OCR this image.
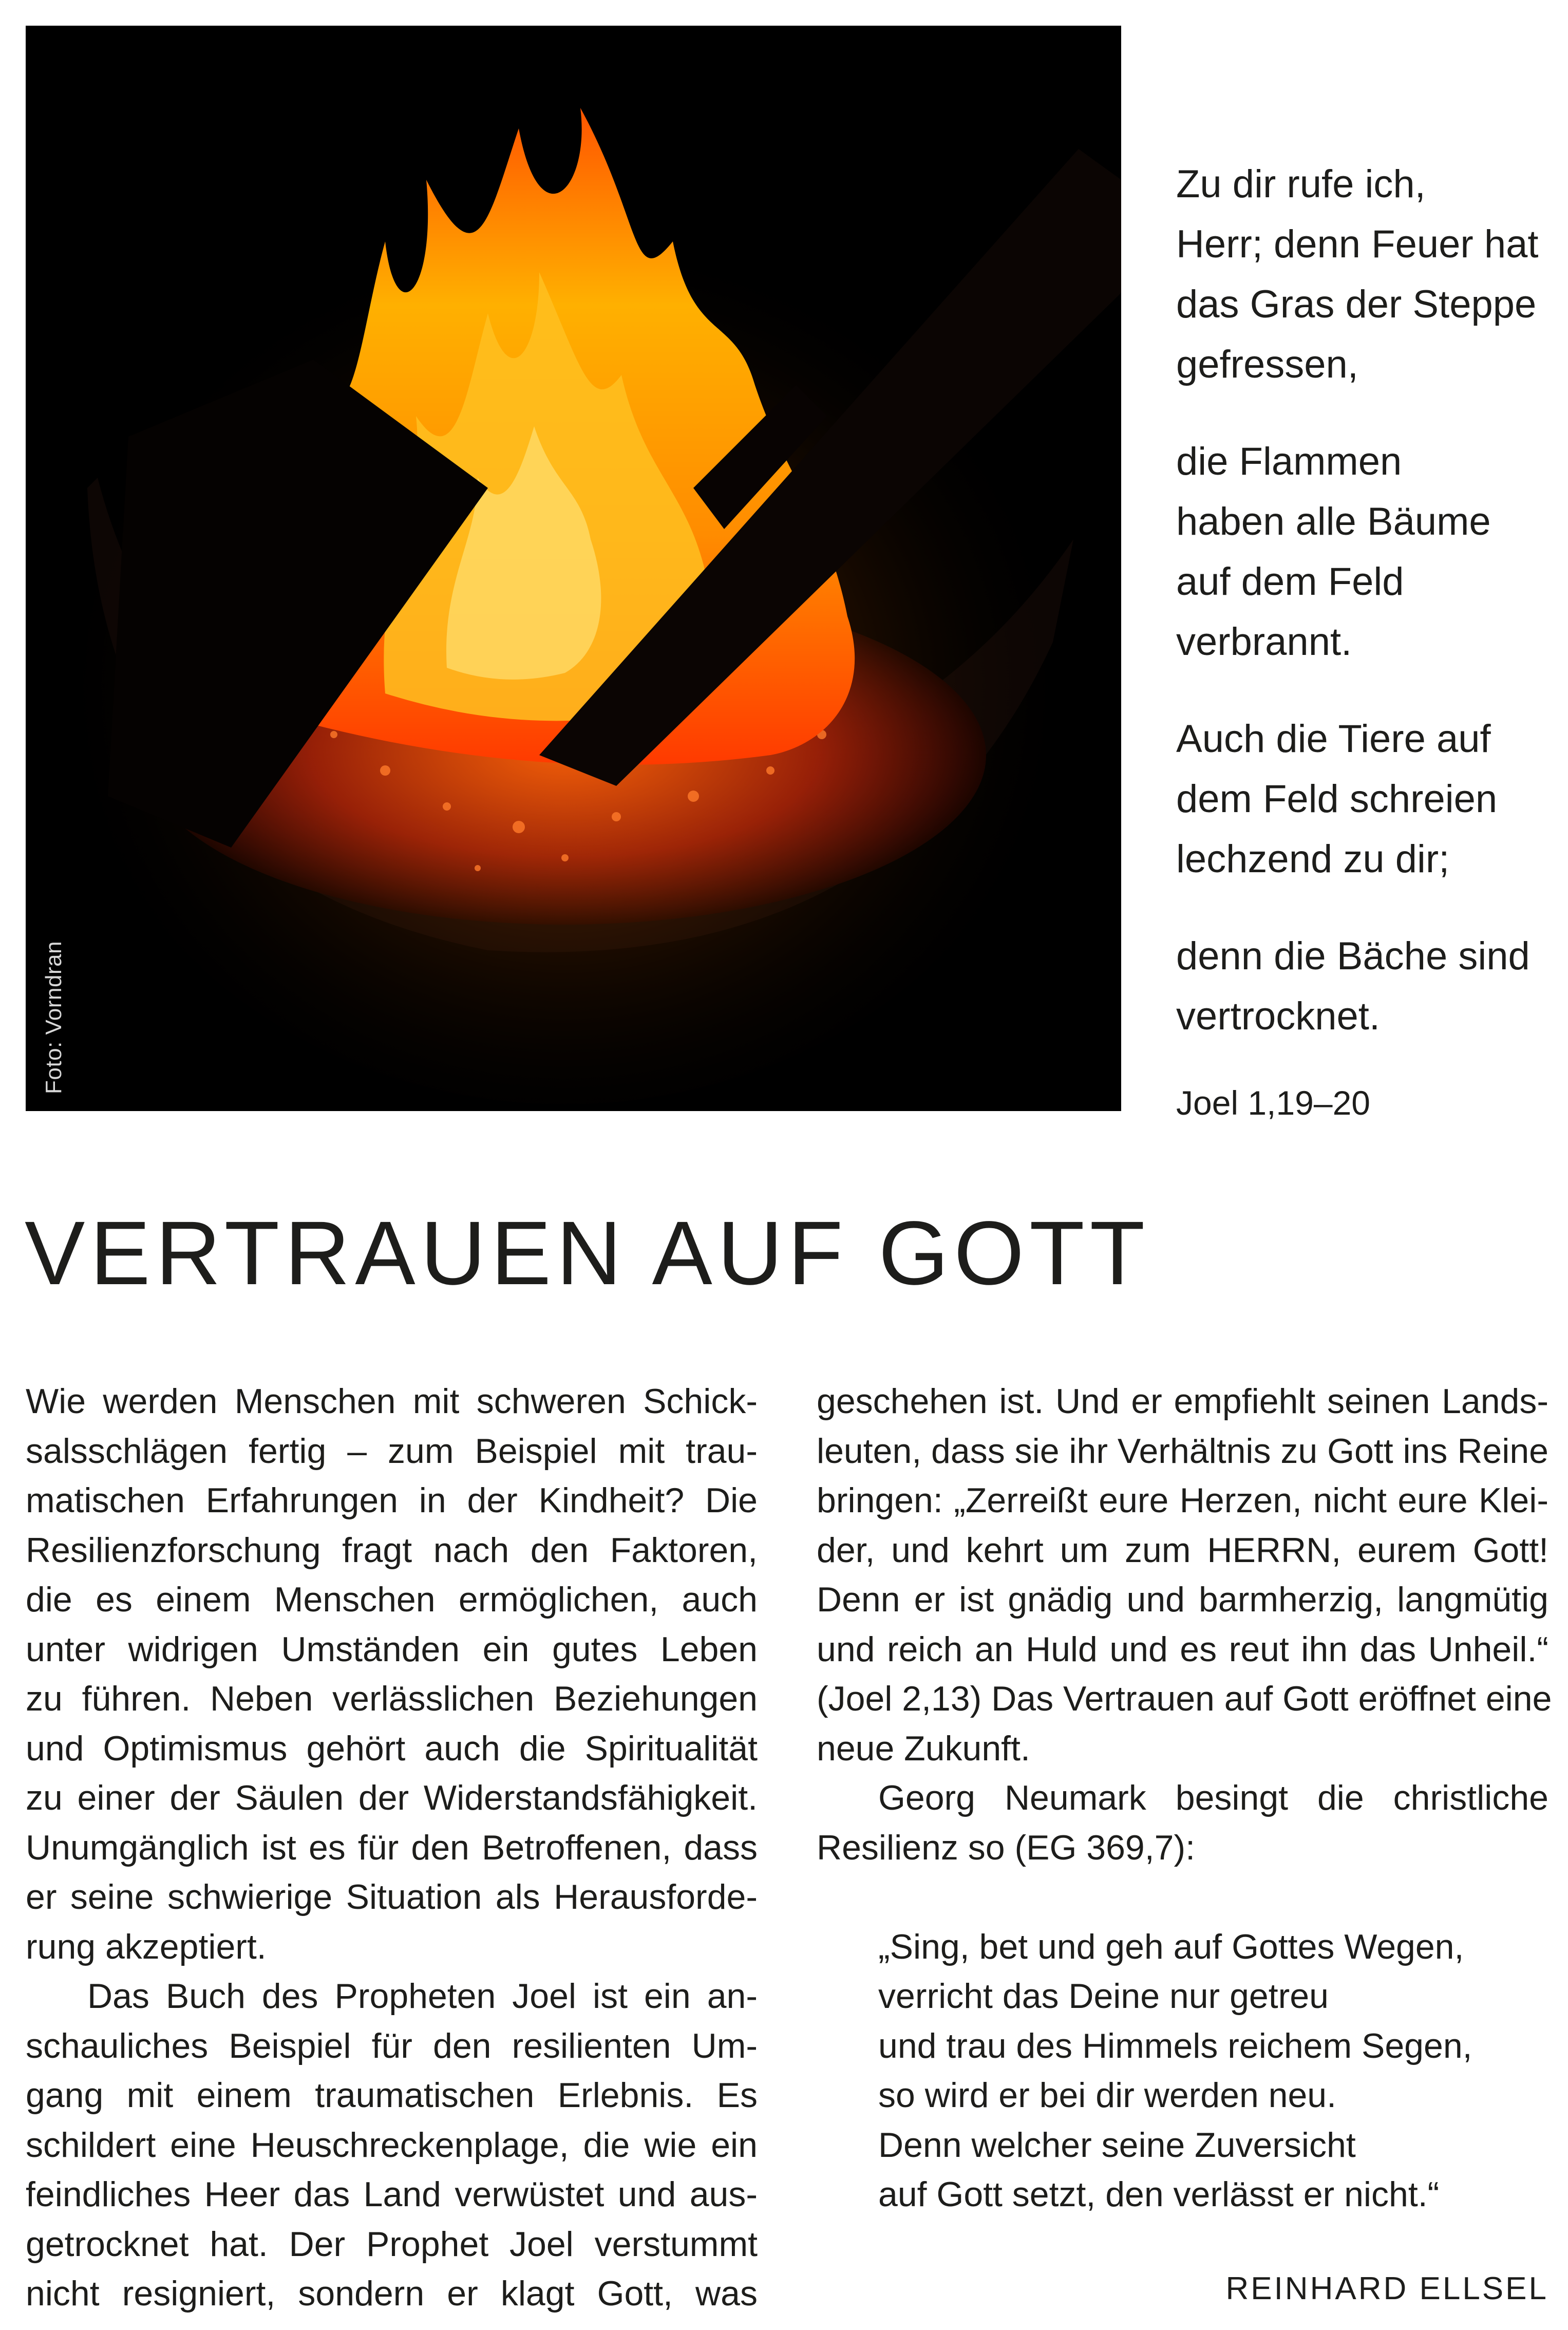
Foto: Vorndran

Zu dir rufe ich,
Herr; denn Feuer hat
das Gras der Steppe
gefressen,

die Flammen
haben alle Bäume
auf dem Feld
verbrannt.

Auch die Tiere auf
dem Feld schreien
lechzend zu dir;

denn die Bäche sind
vertrocknet.

Joel 1,19–20
VERTRAUEN AUF GOTT
Wie werden Menschen mit schweren Schick-
salsschlägen fertig – zum Beispiel mit trau-
matischen Erfahrungen in der Kindheit? Die
Resilienzforschung fragt nach den Faktoren,
die es einem Menschen ermöglichen, auch
unter widrigen Umständen ein gutes Leben
zu führen. Neben verlässlichen Beziehungen
und Optimismus gehört auch die Spiritualität
zu einer der Säulen der Widerstandsfähigkeit.
Unumgänglich ist es für den Betroffenen, dass
er seine schwierige Situation als Herausforde-
rung akzeptiert.
Das Buch des Propheten Joel ist ein an-
schauliches Beispiel für den resilienten Um-
gang mit einem traumatischen Erlebnis. Es
schildert eine Heuschreckenplage, die wie ein
feindliches Heer das Land verwüstet und aus-
getrocknet hat. Der Prophet Joel verstummt
nicht resigniert, sondern er klagt Gott, was
geschehen ist. Und er empfiehlt seinen Lands-
leuten, dass sie ihr Verhältnis zu Gott ins Reine
bringen: „Zerreißt eure Herzen, nicht eure Klei-
der, und kehrt um zum HERRN, eurem Gott!
Denn er ist gnädig und barmherzig, langmütig
und reich an Huld und es reut ihn das Unheil.“
(Joel 2,13) Das Vertrauen auf Gott eröffnet eine
neue Zukunft.
Georg Neumark besingt die christliche
Resilienz so (EG 369,7):
„Sing, bet und geh auf Gottes Wegen,
verricht das Deine nur getreu
und trau des Himmels reichem Segen,
so wird er bei dir werden neu.
Denn welcher seine Zuversicht
auf Gott setzt, den verlässt er nicht.“
REINHARD ELLSEL
